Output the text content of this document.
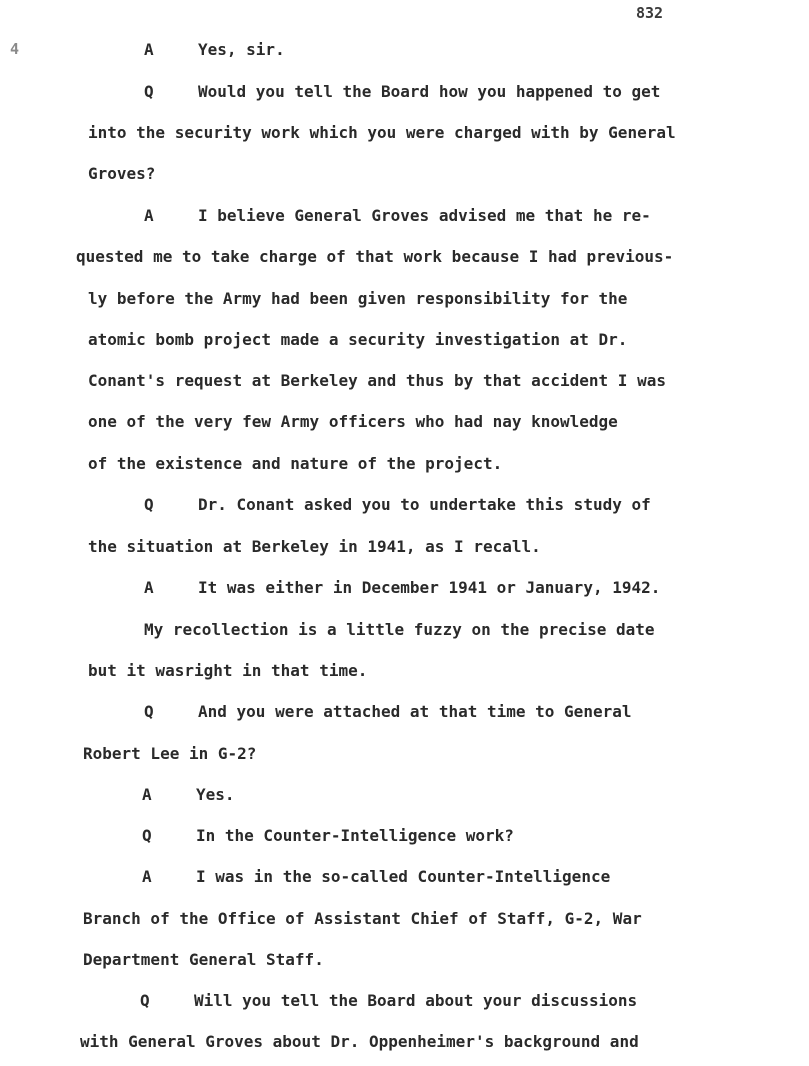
832
4	A	Yes, sir.
Q	Would you tell the Board how you happened to get
into the security work which you were charged with by General
Groves?
A	I believe General Groves advised me that he re-
quested me to take charge of that work because I had previous-
ly before the Army had been given responsibility for the
atomic bomb project made a security investigation at Dr.
Conant's request at Berkeley and thus by that accident I was
one of the very few Army officers who had nay knowledge
of the existence and nature of the project.
Q	Dr. Conant asked you to undertake this study of
the situation at Berkeley in 1941, as I recall.
A	It was either in December 1941 or January, 1942.
My recollection is a little fuzzy on the precise date
but it wasright in that time.
Q	And you were attached at that time to General
Robert Lee in G-2?
A	Yes.
Q	In the Counter-Intelligence work?
A	I was in the so-called Counter-Intelligence
Branch of the Office of Assistant Chief of Staff, G-2, War
Department General Staff.
Q	Will you tell the Board about your discussions
with General Groves about Dr. Oppenheimer's background and
